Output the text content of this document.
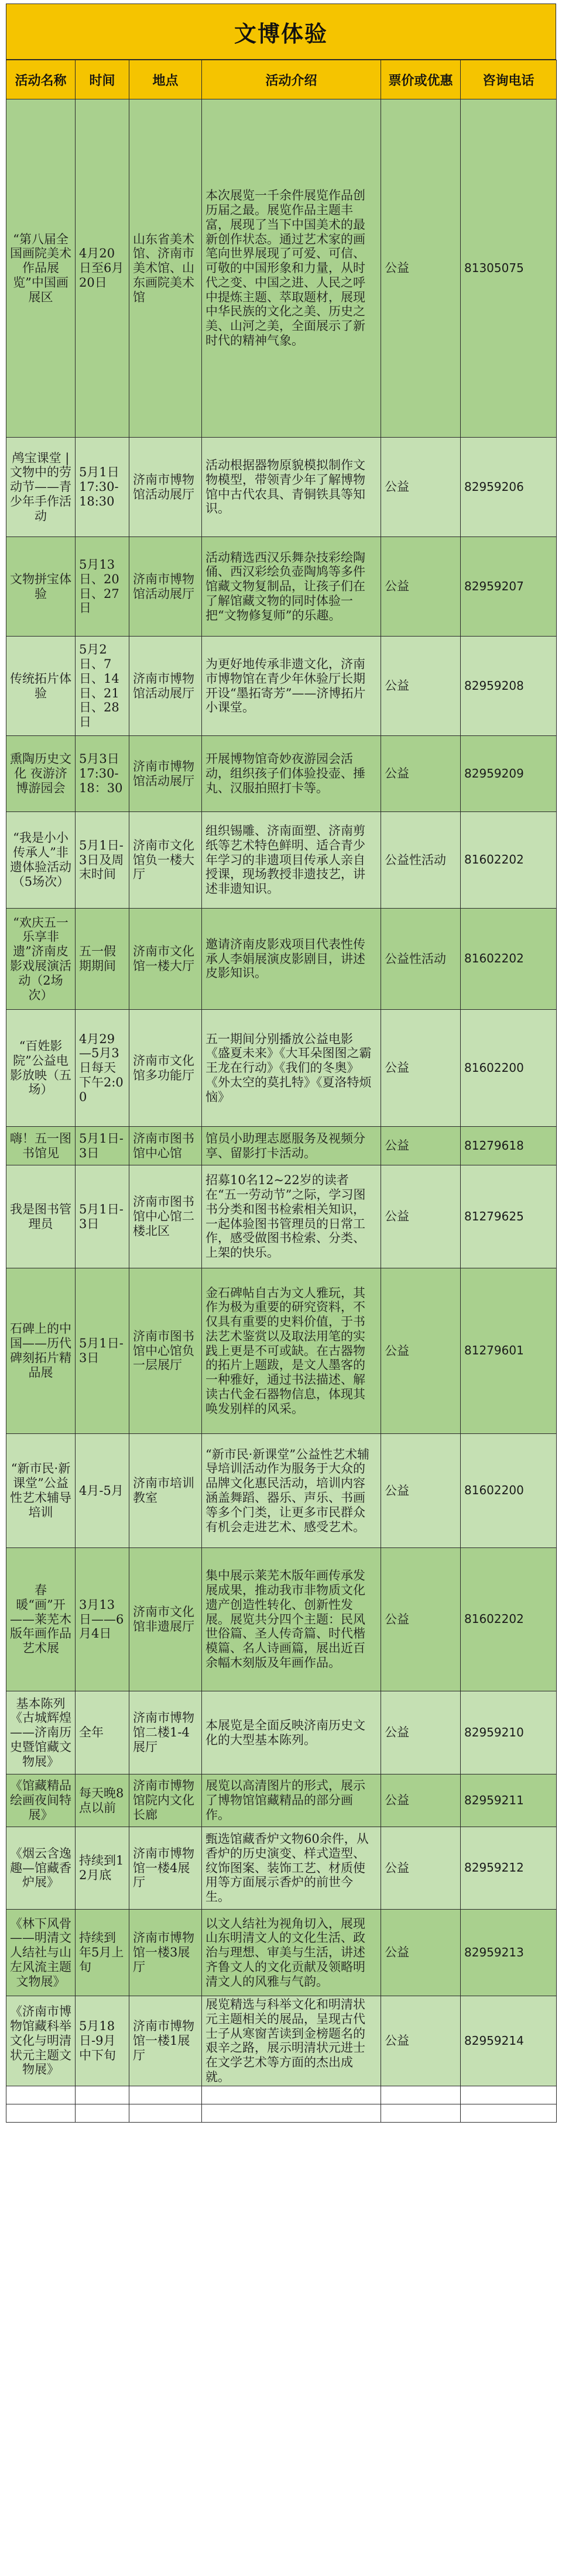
文博体验
活动名称	时间	地点	活动介绍	票价或优惠	咨询电话
“第八届全国画院美术作品展览”中国画展区	4月20日至6月20日	山东省美术馆、济南市美术馆、山东画院美术馆	本次展览一千余件展览作品创历届之最。展览作品主题丰富，展现了当下中国美术的最新创作状态。通过艺术家的画笔向世界展现了可爱、可信、可敬的中国形象和力量，从时代之变、中国之进、人民之呼中提炼主题、萃取题材，展现中华民族的文化之美、历史之美、山河之美，全面展示了新时代的精神气象。	公益	81305075
鸬宝课堂 | 文物中的劳动节——青少年手作活动	5月1日17:30-18:30	济南市博物馆活动展厅	活动根据器物原貌模拟制作文物模型，带领青少年了解博物馆中古代农具、青铜铁具等知识。	公益	82959206
文物拼宝体验	5月13日、20日、27日	济南市博物馆活动展厅	活动精选西汉乐舞杂技彩绘陶俑、西汉彩绘负壶陶鸠等多件馆藏文物复制品，让孩子们在了解馆藏文物的同时体验一把“文物修复师”的乐趣。	公益	82959207
传统拓片体验	5月2日、7日、14日、21日、28日	济南市博物馆活动展厅	为更好地传承非遗文化，济南市博物馆在青少年休验厅长期开设“墨拓寄芳”——济博拓片小课堂。	公益	82959208
熏陶历史文化 夜游济博游园会	5月3日17:30-18：30	济南市博物馆活动展厅	开展博物馆奇妙夜游园会活动，组织孩子们体验投壶、捶丸、汉服拍照打卡等。	公益	82959209
“我是小小传承人”非遗体验活动（5场次）	5月1日-3日及周末时间	济南市文化馆负一楼大厅	组织锡雕、济南面塑、济南剪纸等艺术特色鲜明、适合青少年学习的非遗项目传承人亲自授课，现场教授非遗技艺，讲述非遗知识。	公益性活动	81602202
“欢庆五一 乐享非遗”济南皮影戏展演活动（2场次）	五一假期期间	济南市文化馆一楼大厅	邀请济南皮影戏项目代表性传承人李娟展演皮影剧目，讲述皮影知识。	公益性活动	81602202
“百姓影院”公益电影放映（五场）	4月29—5月3日每天下午2:00	济南市文化馆多功能厅	五一期间分别播放公益电影《盛夏未来》《大耳朵图图之霸王龙在行动》《我们的冬奥》《外太空的莫扎特》《夏洛特烦恼》	公益	81602200
嗨！五一图书馆见	5月1日-3日	济南市图书馆中心馆	馆员小助理志愿服务及视频分享、留影打卡活动。	公益	81279618
我是图书管理员	5月1日-3日	济南市图书馆中心馆二楼北区	招募10名12~22岁的读者在“五一劳动节”之际，学习图书分类和图书检索相关知识，一起体验图书管理员的日常工作，感受做图书检索、分类、上架的快乐。	公益	81279625
石碑上的中国——历代碑刻拓片精品展	5月1日-3日	济南市图书馆中心馆负一层展厅	金石碑帖自古为文人雅玩，其作为极为重要的研究资料，不仅具有重要的史料价值，于书法艺术鉴赏以及取法用笔的实践上更是不可或缺。在古器物的拓片上题跋，是文人墨客的一种雅好，通过书法描述、解读古代金石器物信息，体现其唤发别样的风采。	公益	81279601
“新市民·新课堂”公益性艺术辅导培训	4月-5月	济南市培训教室	“新市民·新课堂”公益性艺术辅导培训活动作为服务于大众的品牌文化惠民活动，培训内容涵盖舞蹈、器乐、声乐、书画等多个门类，让更多市民群众有机会走进艺术、感受艺术。	公益	81602200
春暖“画”开——莱芜木版年画作品艺术展	3月13日——6月4日	济南市文化馆非遗展厅	集中展示莱芜木版年画传承发展成果，推动我市非物质文化遗产创造性转化、创新性发展。展览共分四个主题：民风世俗篇、圣人传奇篇、时代楷模篇、名人诗画篇，展出近百余幅木刻版及年画作品。	公益	81602202
基本陈列《古城辉煌——济南历史暨馆藏文物展》	全年	济南市博物馆二楼1-4展厅	本展览是全面反映济南历史文化的大型基本陈列。	公益	82959210
《馆藏精品绘画夜间特展》	每天晚8点以前	济南市博物馆院内文化长廊	展览以高清图片的形式，展示了博物馆馆藏精品的部分画作。	公益	82959211
《烟云含逸趣—馆藏香炉展》	持续到12月底	济南市博物馆一楼4展厅	甄选馆藏香炉文物60余件，从香炉的历史演变、样式造型、纹饰图案、装饰工艺、材质使用等方面展示香炉的前世今生。	公益	82959212
《林下风骨——明清文人结社与山左风流主题文物展》	持续到年5月上旬	济南市博物馆一楼3展厅	以文人结社为视角切入，展现山东明清文人的文化生活、政治与理想、审美与生活，讲述齐鲁文人的文化贡献及领略明清文人的风雅与气韵。	公益	82959213
《济南市博物馆藏科举文化与明清状元主题文物展》	5月18日-9月中下旬	济南市博物馆一楼1展厅	展览精选与科举文化和明清状元主题相关的展品，呈现古代士子从寒窗苦读到金榜题名的艰辛之路，展示明清状元进士在文学艺术等方面的杰出成就。	公益	82959214
